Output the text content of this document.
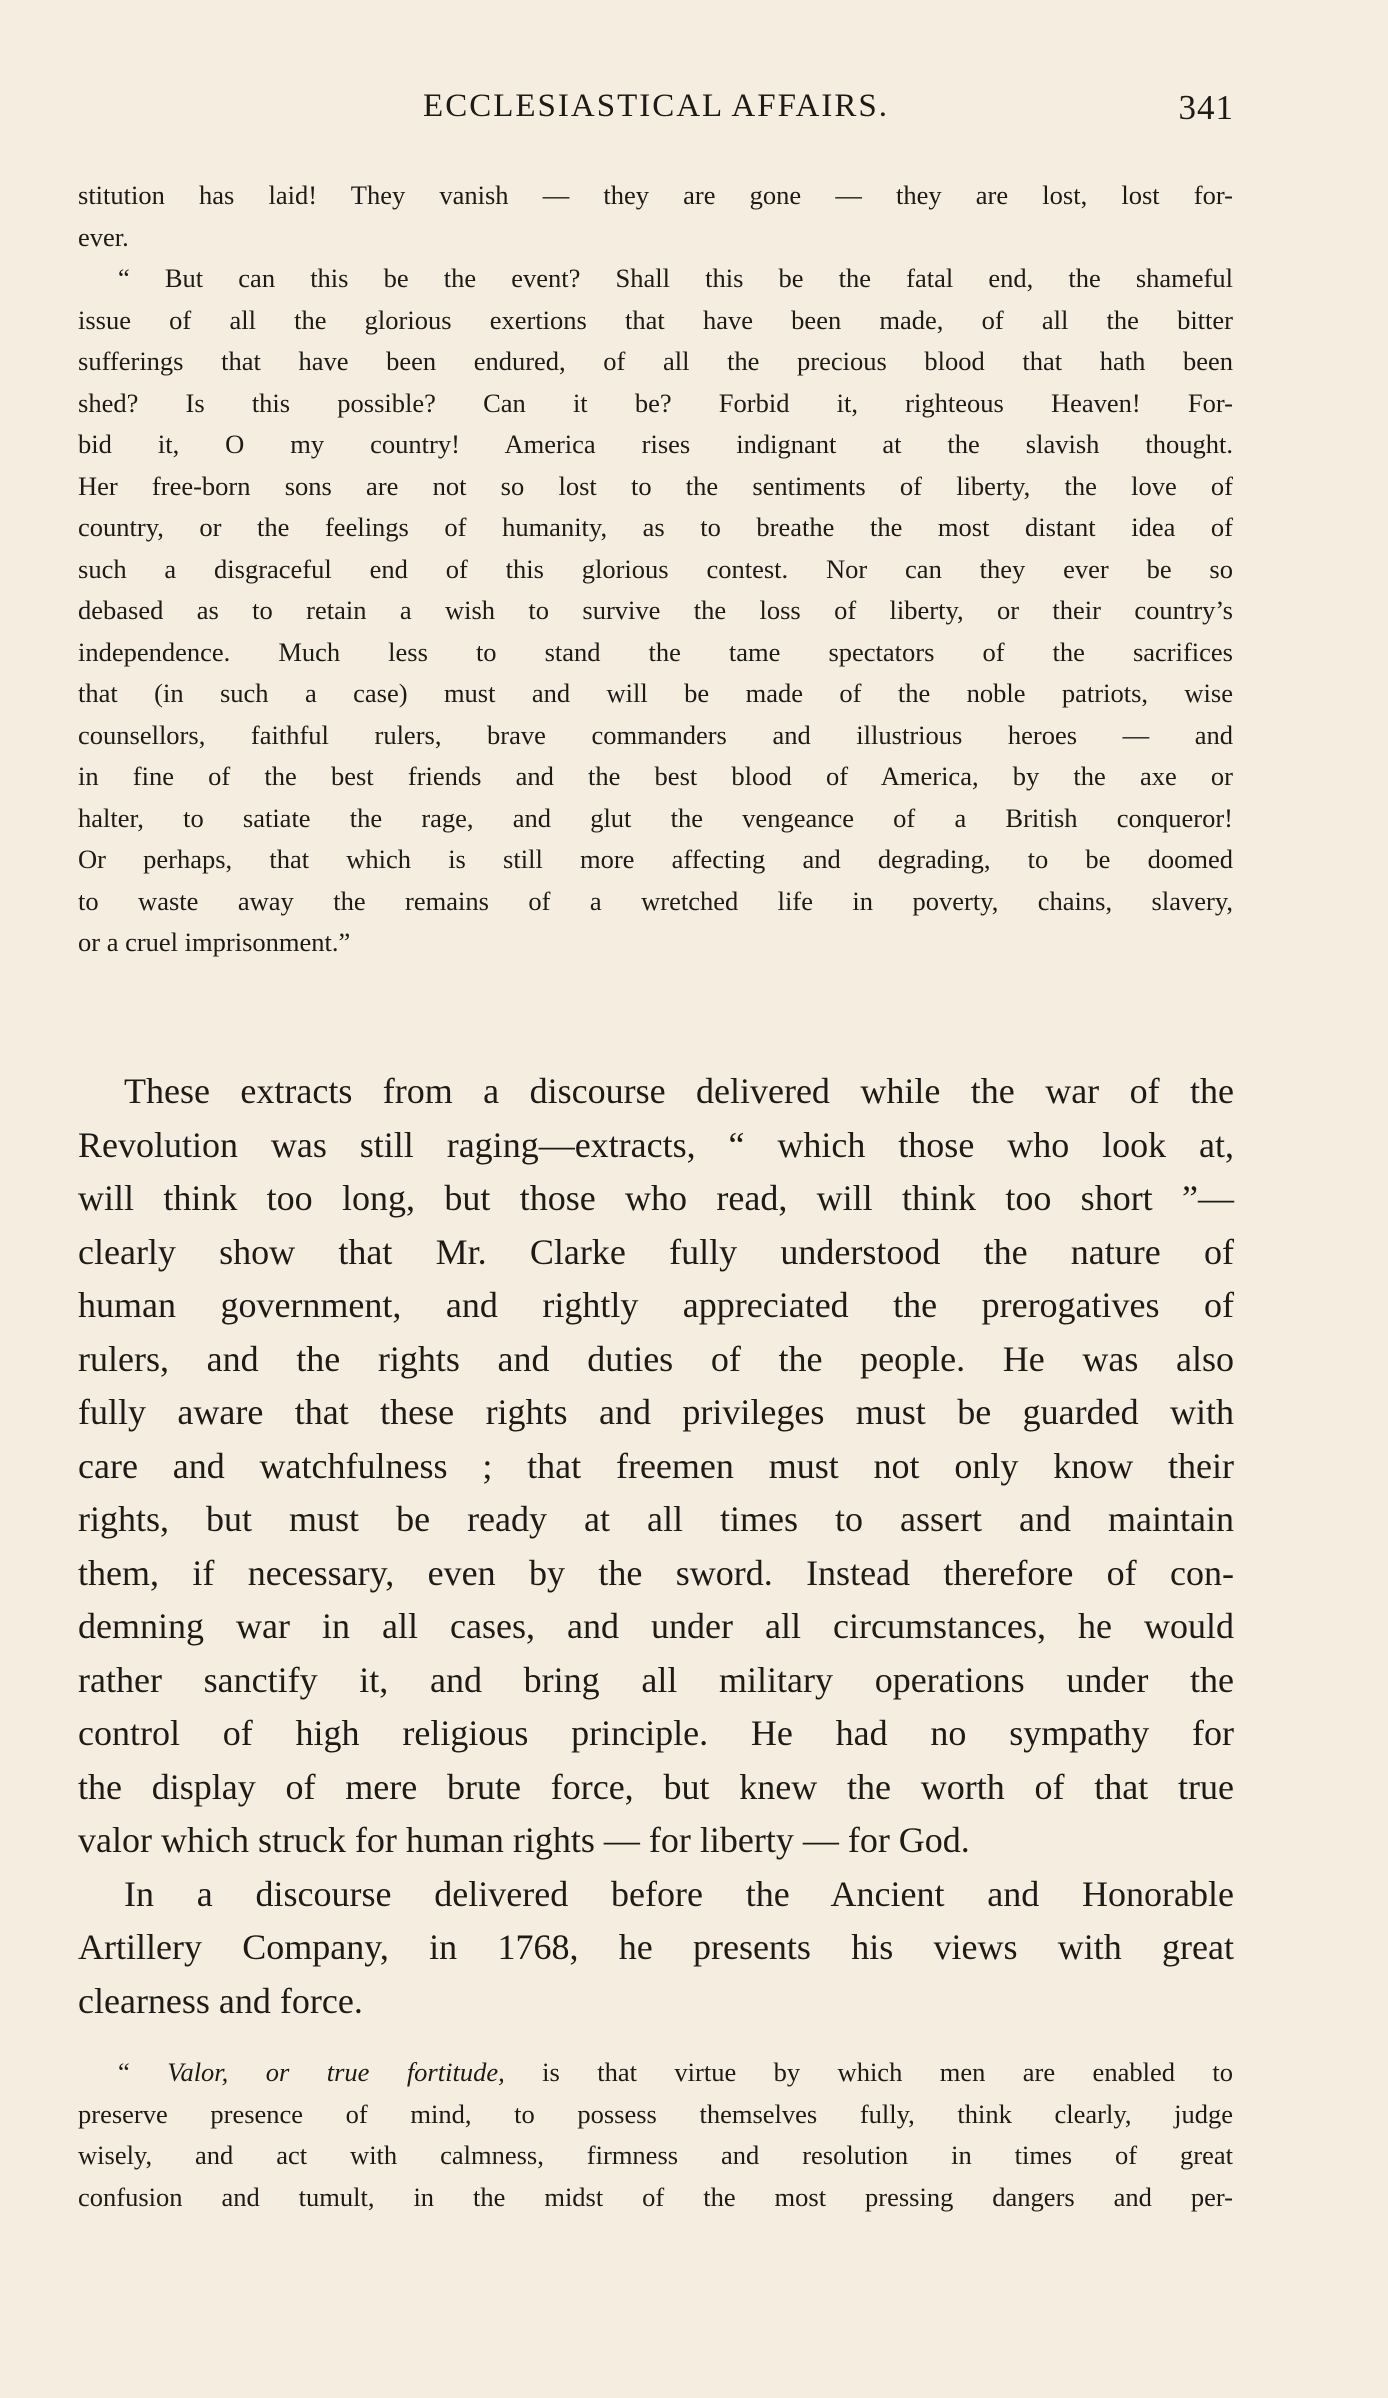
ECCLESIASTICAL AFFAIRS.	341
stitution has laid! They vanish — they are gone — they are lost, lost for-
ever.
“ But can this be the event? Shall this be the fatal end, the shameful
issue of all the glorious exertions that have been made, of all the bitter
sufferings that have been endured, of all the precious blood that hath been
shed? Is this possible? Can it be? Forbid it, righteous Heaven! For-
bid it, O my country! America rises indignant at the slavish thought.
Her free-born sons are not so lost to the sentiments of liberty, the love of
country, or the feelings of humanity, as to breathe the most distant idea of
such a disgraceful end of this glorious contest. Nor can they ever be so
debased as to retain a wish to survive the loss of liberty, or their country’s
independence. Much less to stand the tame spectators of the sacrifices
that (in such a case) must and will be made of the noble patriots, wise
counsellors, faithful rulers, brave commanders and illustrious heroes — and
in fine of the best friends and the best blood of America, by the axe or
halter, to satiate the rage, and glut the vengeance of a British conqueror!
Or perhaps, that which is still more affecting and degrading, to be doomed
to waste away the remains of a wretched life in poverty, chains, slavery,
or a cruel imprisonment.”
These extracts from a discourse delivered while the war of the
Revolution was still raging—extracts, “ which those who look at,
will think too long, but those who read, will think too short ”—
clearly show that Mr. Clarke fully understood the nature of
human government, and rightly appreciated the prerogatives of
rulers, and the rights and duties of the people. He was also
fully aware that these rights and privileges must be guarded with
care and watchfulness ; that freemen must not only know their
rights, but must be ready at all times to assert and maintain
them, if necessary, even by the sword. Instead therefore of con-
demning war in all cases, and under all circumstances, he would
rather sanctify it, and bring all military operations under the
control of high religious principle. He had no sympathy for
the display of mere brute force, but knew the worth of that true
valor which struck for human rights — for liberty — for God.
In a discourse delivered before the Ancient and Honorable
Artillery Company, in 1768, he presents his views with great
clearness and force.
“ Valor, or true fortitude, is that virtue by which men are enabled to
preserve presence of mind, to possess themselves fully, think clearly, judge
wisely, and act with calmness, firmness and resolution in times of great
confusion and tumult, in the midst of the most pressing dangers and per-
